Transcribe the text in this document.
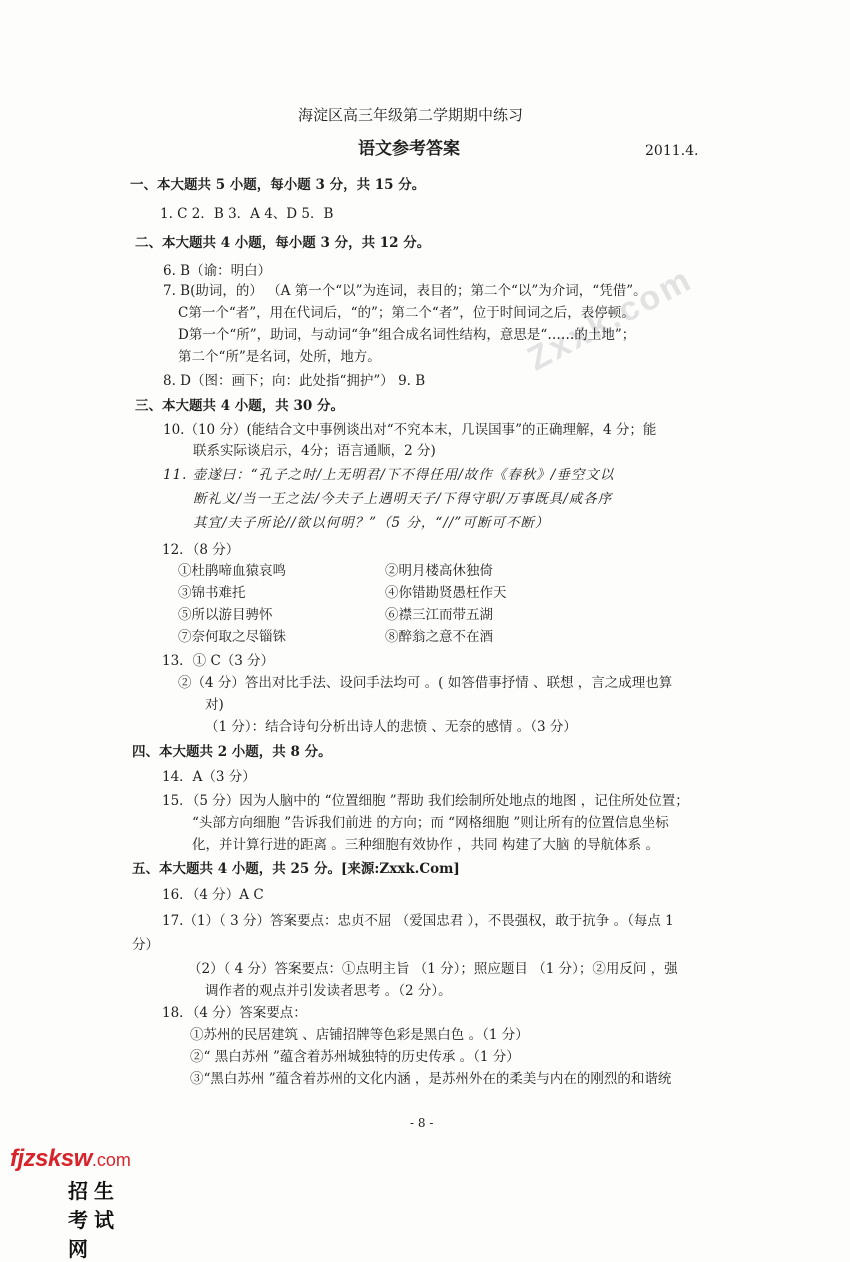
Zxxk.com
海淀区高三年级第二学期期中练习
语文参考答案	2011.4.
一、本大题共 5 小题，每小题 3 分，共 15 分。
1. C 2．B 3．A 4、D 5．B
二、本大题共 4 小题，每小题 3 分，共 12 分。
6. B（谕：明白）
7. B(助词，的） （A 第一个“以”为连词，表目的；第二个“以”为介词，“凭借”。
C第一个“者”，用在代词后，“的”；第二个“者”，位于时间词之后，表停顿。
D第一个“所”，助词，与动词“争”组合成名词性结构，意思是“……的土地”；
第二个“所”是名词，处所，地方。
8. D（图：画下；向：此处指“拥护”） 9. B
三、本大题共 4 小题，共 30 分。
10.（10 分）(能结合文中事例谈出对“不究本末，几误国事”的正确理解，4 分；能
联系实际谈启示，4分；语言通顺，2 分)
11. 壶遂曰：“孔子之时/上无明君/下不得任用/故作《春秋》/垂空文以
断礼义/当一王之法/今夫子上遇明天子/下得守职/万事既具/咸各序
其宜/夫子所论//欲以何明？”（5 分，“//”可断可不断）
12．（8 分）
①杜鹃啼血猿哀鸣	②明月楼高休独倚
③锦书难托	④你错勘贤愚枉作天
⑤所以游目骋怀	⑥襟三江而带五湖
⑦奈何取之尽锱铢	⑧醉翁之意不在酒
13．① C（3 分）
②（4 分）答出对比手法、设问手法均可 。( 如答借事抒情 、联想 ，言之成理也算
对)
（1 分）：结合诗句分析出诗人的悲愤 、无奈的感情 。（3 分）
四、本大题共 2 小题，共 8 分。
14．A（3 分）
15．（5 分）因为人脑中的 “位置细胞 ”帮助 我们绘制所处地点的地图 ，记住所处位置；
“头部方向细胞 ”告诉我们前进 的方向；而 “网格细胞 ”则让所有的位置信息坐标
化，并计算行进的距离 。三种细胞有效协作 ，共同 构建了大脑 的导航体系 。
五、本大题共 4 小题，共 25 分。[来源:Zxxk.Com]
16．（4 分）A C
17.（1）（ 3 分）答案要点：忠贞不屈 （爱国忠君 ），不畏强权，敢于抗争 。（每点 1
分）
（2）（ 4 分）答案要点：①点明主旨 （1 分）；照应题目 （1 分）；②用反问 ，强
调作者的观点并引发读者思考 。（2 分）。
18．（4 分）答案要点：
①苏州的民居建筑 、店铺招牌等色彩是黑白色 。（1 分）
②“ 黑白苏州 ”蕴含着苏州城独特的历史传承 。（1 分）
③“黑白苏州 ”蕴含着苏州的文化内涵 ，是苏州外在的柔美与内在的刚烈的和谐统
- 8 -
fjzsksw.com
招生考试网
